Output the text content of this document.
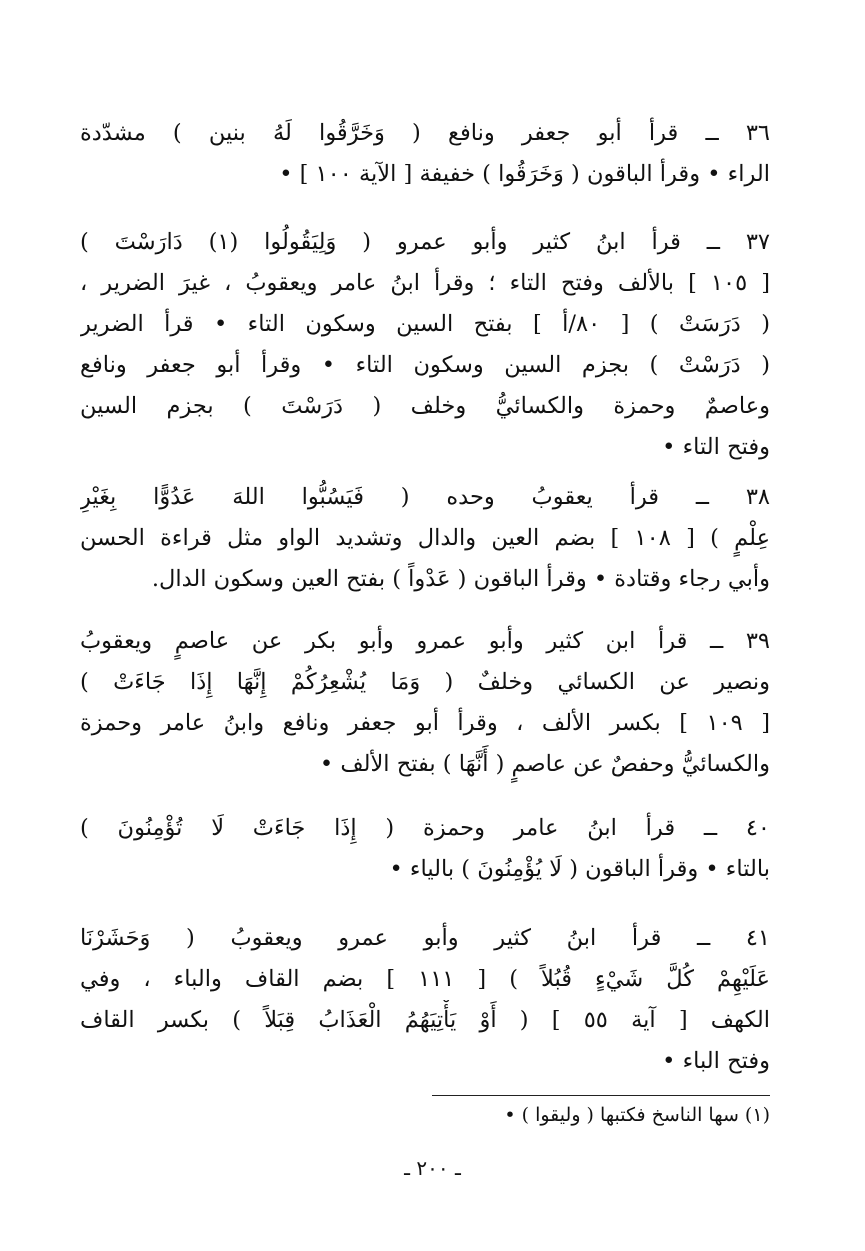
٣٦ ــ قرأ أبو جعفر ونافع ( وَخَرَّقُوا لَهُ بنين ) مشدّدة
الراء • وقرأ الباقون ( وَخَرَقُوا ) خفيفة [ الآية ١٠٠ ] •
٣٧ ــ قرأ ابنُ كثير وأبو عمرو ( وَلِيَقُولُوا (١) دَارَسْتَ )
[ ١٠٥ ] بالألف وفتح التاء ؛ وقرأ ابنُ عامر ويعقوبُ ، غيرَ الضرير ،
( دَرَسَتْ ) [ ٨٠/أ ] بفتح السين وسكون التاء • قرأ الضرير
( دَرَسْتْ ) بجزم السين وسكون التاء • وقرأ أبو جعفر ونافع
وعاصمٌ وحمزة والكسائيُّ وخلف ( دَرَسْتَ ) بجزم السين
وفتح التاء •
٣٨ ــ قرأ يعقوبُ وحده ( فَيَسُبُّوا اللهَ عَدُوًّا بِغَيْرِ
عِلْمٍ ) [ ١٠٨ ] بضم العين والدال وتشديد الواو مثل قراءة الحسن
وأبي رجاء وقتادة • وقرأ الباقون ( عَدْواً ) بفتح العين وسكون الدال.
٣٩ ــ قرأ ابن كثير وأبو عمرو وأبو بكر عن عاصمٍ ويعقوبُ
ونصير عن الكسائي وخلفٌ ( وَمَا يُشْعِرُكُمْ إِنَّهَا إِذَا جَاءَتْ )
[ ١٠٩ ] بكسر الألف ، وقرأ أبو جعفر ونافع وابنُ عامر وحمزة
والكسائيُّ وحفصٌ عن عاصمٍ ( أَنَّهَا ) بفتح الألف •
٤٠ ــ قرأ ابنُ عامر وحمزة ( إِذَا جَاءَتْ لَا تُؤْمِنُونَ )
بالتاء • وقرأ الباقون ( لَا يُؤْمِنُونَ ) بالياء •
٤١ ــ قرأ ابنُ كثير وأبو عمرو ويعقوبُ ( وَحَشَرْنَا
عَلَيْهِمْ كُلَّ شَيْءٍ قُبُلاً ) [ ١١١ ] بضم القاف والباء ، وفي
الكهف [ آية ٥٥ ] ( أَوْ يَأْتِيَهُمُ الْعَذَابُ قِبَلاً ) بكسر القاف
وفتح الباء •
(١) سها الناسخ فكتبها ( وليقوا ) •
ـ ٢٠٠ ـ
